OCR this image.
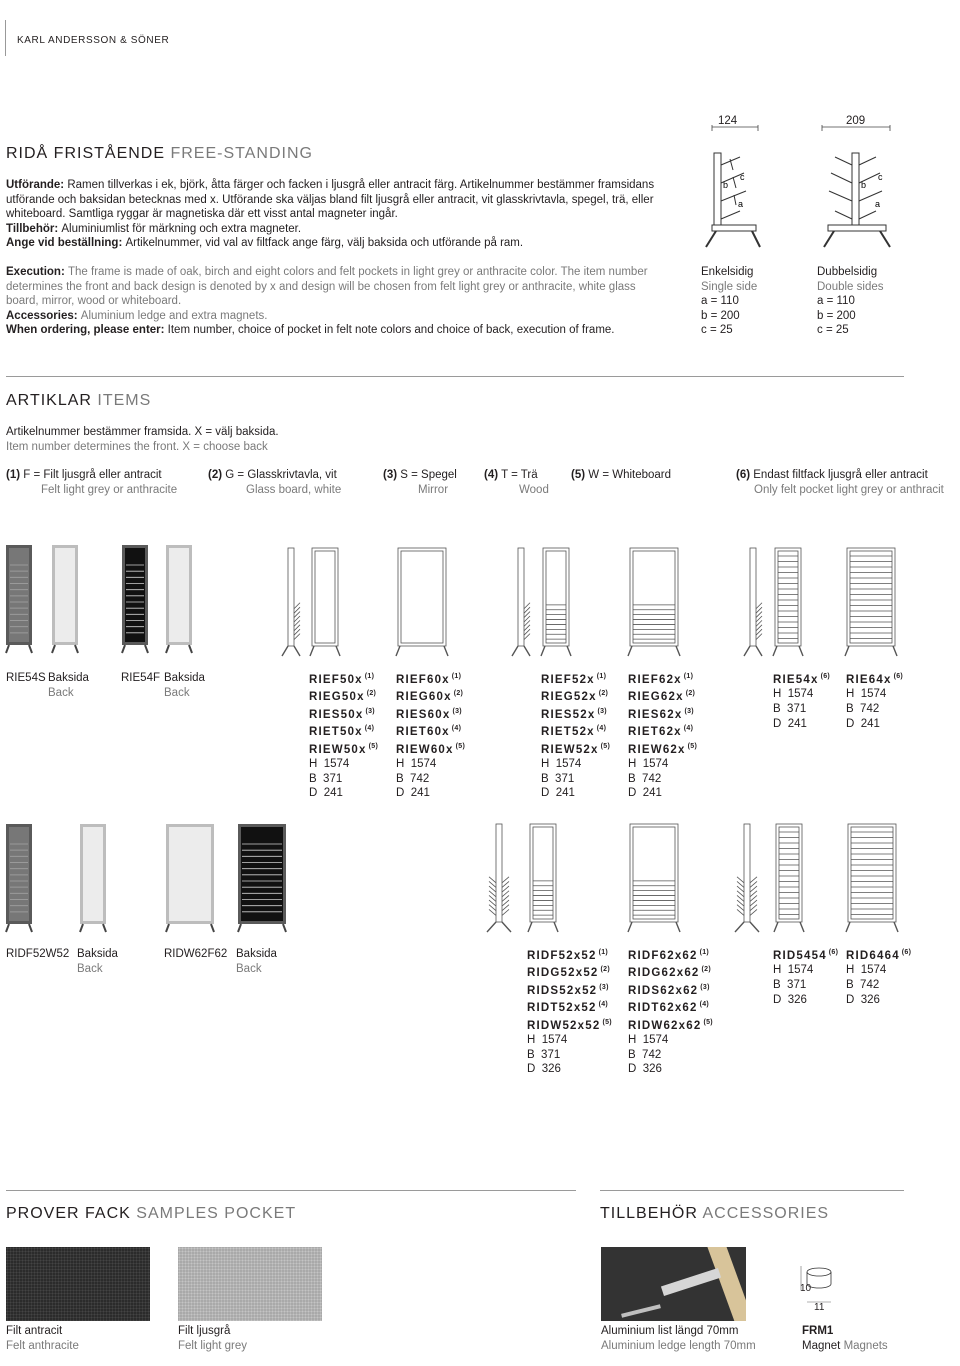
KARL ANDERSSON & SÖNER
RIDÅ FRISTÅENDE FREE-STANDING
Utförande: Ramen tillverkas i ek, björk, åtta färger och facken i ljusgrå eller antracit färg. Artikelnummer bestämmer framsidans
utförande och baksidan betecknas med x. Utförande ska väljas bland filt ljusgrå eller antracit, vit glasskrivtavla, spegel, trä, eller
whiteboard. Samtliga ryggar är magnetiska där ett visst antal magneter ingår.
Tillbehör: Aluminiumlist för märkning och extra magneter.
Ange vid beställning: Artikelnummer, vid val av filtfack ange färg, välj baksida och utförande på ram.
Execution: The frame is made of oak, birch and eight colors and felt pockets in light grey or anthracite color. The item number
determines the front and back design is denoted by x and design will be chosen from felt light grey or anthracite, white glass
board, mirror, wood or whiteboard.
Accessories: Aluminium ledge and extra magnets.
When ordering, please enter: Item number, choice of pocket in felt note colors and choice of back, execution of frame.
124	209
c
b
a
c
b
a
Enkelsidig
Single side
a = 110
b = 200
c = 25
Dubbelsidig
Double sides
a = 110
b = 200
c = 25
ARTIKLAR ITEMS
Artikelnummer bestämmer framsida. X = välj baksida.
Item number determines the front. X = choose back
(1) F = Filt ljusgrå eller antracit
Felt light grey or anthracite
(2) G = Glasskrivtavla, vit
Glass board, white
(3) S = Spegel
Mirror
(4) T = Trä
Wood
(5) W = Whiteboard	(6) Endast filtfack ljusgrå eller antracit
Only felt pocket light grey or anthracit
RIE54S Baksida
Back
RIE54F Baksida
Back
RIEF50x $^{(1)}$
RIEG50x $^{(2)}$
RIES50x $^{(3)}$
RIET50x $^{(4)}$
RIEW50x $^{(5)}$
H  1574
B  371
D  241
RIEF60x $^{(1)}$
RIEG60x $^{(2)}$
RIES60x $^{(3)}$
RIET60x $^{(4)}$
RIEW60x $^{(5)}$
H  1574
B  742
D  241
RIEF52x $^{(1)}$
RIEG52x $^{(2)}$
RIES52x $^{(3)}$
RIET52x $^{(4)}$
RIEW52x $^{(5)}$
H  1574
B  371
D  241
RIEF62x $^{(1)}$
RIEG62x $^{(2)}$
RIES62x $^{(3)}$
RIET62x $^{(4)}$
RIEW62x $^{(5)}$
H  1574
B  742
D  241
RIE54x $^{(6)}$
H  1574
B  371
D  241
RIE64x $^{(6)}$
H  1574
B  742
D  241
RIDF52W52 Baksida
Back
RIDW62F62 Baksida
Back
RIDF52x52 $^{(1)}$
RIDG52x52 $^{(2)}$
RIDS52x52 $^{(3)}$
RIDT52x52 $^{(4)}$
RIDW52x52 $^{(5)}$
H  1574
B  371
D  326
RIDF62x62 $^{(1)}$
RIDG62x62 $^{(2)}$
RIDS62x62 $^{(3)}$
RIDT62x62 $^{(4)}$
RIDW62x62 $^{(5)}$
H  1574
B  742
D  326
RID5454 $^{(6)}$
H  1574
B  371
D  326
RID6464 $^{(6)}$
H  1574
B  742
D  326
PROVER FACK SAMPLES POCKET
Filt antracit
Felt anthracite
Filt ljusgrå
Felt light grey
TILLBEHÖR ACCESSORIES
Aluminium list längd 70mm
Aluminium ledge length 70mm
10
11
FRM1
Magnet Magnets
